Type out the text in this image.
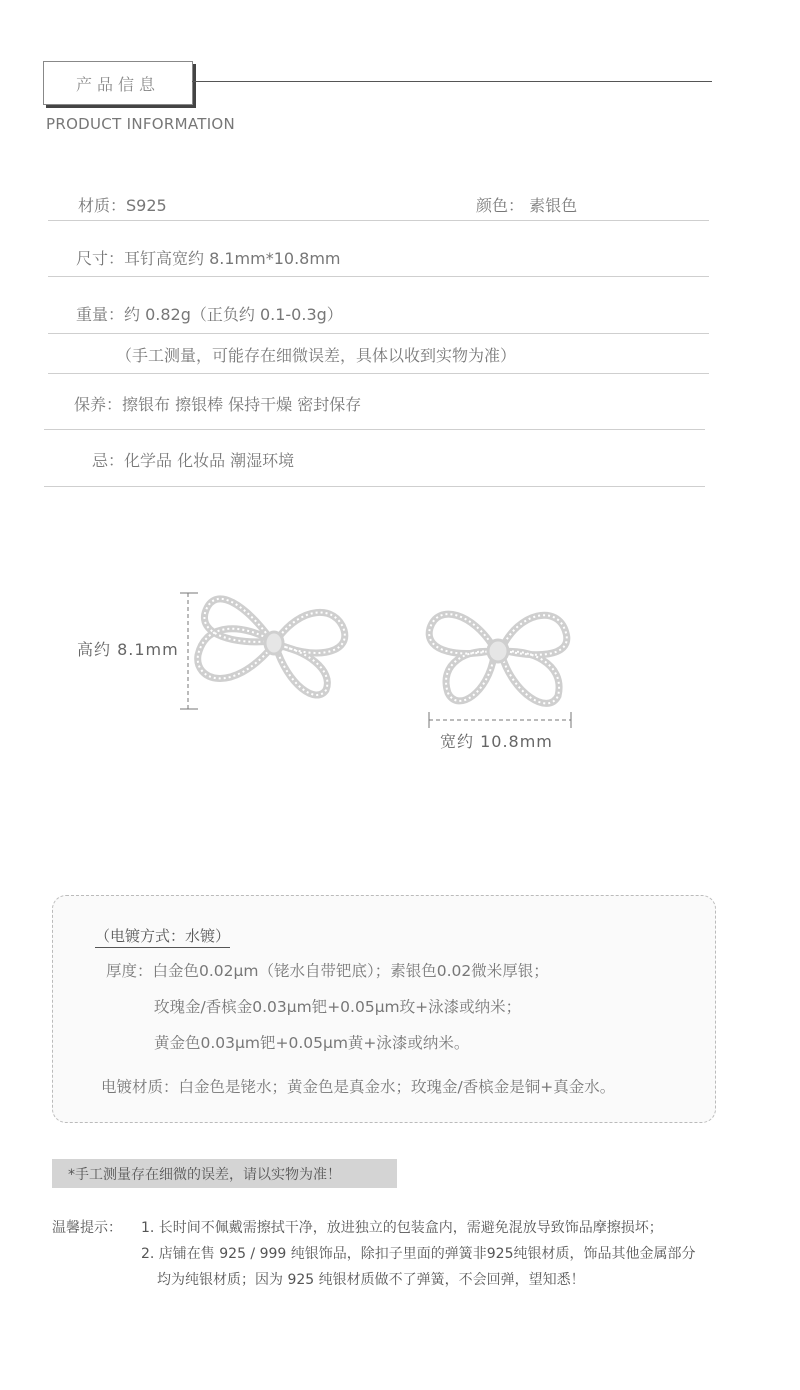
产品信息
PRODUCT INFORMATION
材质：S925	颜色： 素银色
尺寸：耳钉高宽约 8.1mm*10.8mm
重量：约 0.82g（正负约 0.1-0.3g）
（手工测量，可能存在细微误差，具体以收到实物为准）
保养：擦银布 擦银棒 保持干燥 密封保存
忌：化学品 化妆品 潮湿环境
高约 8.1mm
宽约 10.8mm
（电镀方式：水镀）
厚度：白金色0.02μm（铑水自带钯底）；素银色0.02微米厚银；
玫瑰金/香槟金0.03μm钯+0.05μm玫+泳漆或纳米；
黄金色0.03μm钯+0.05μm黄+泳漆或纳米。
电镀材质：白金色是铑水；黄金色是真金水；玫瑰金/香槟金是铜+真金水。
*手工测量存在细微的误差，请以实物为准！
温馨提示： 1. 长时间不佩戴需擦拭干净，放进独立的包装盒内，需避免混放导致饰品摩擦损坏；
2. 店铺在售 925 / 999 纯银饰品，除扣子里面的弹簧非925纯银材质，饰品其他金属部分
均为纯银材质；因为 925 纯银材质做不了弹簧，不会回弹，望知悉！
